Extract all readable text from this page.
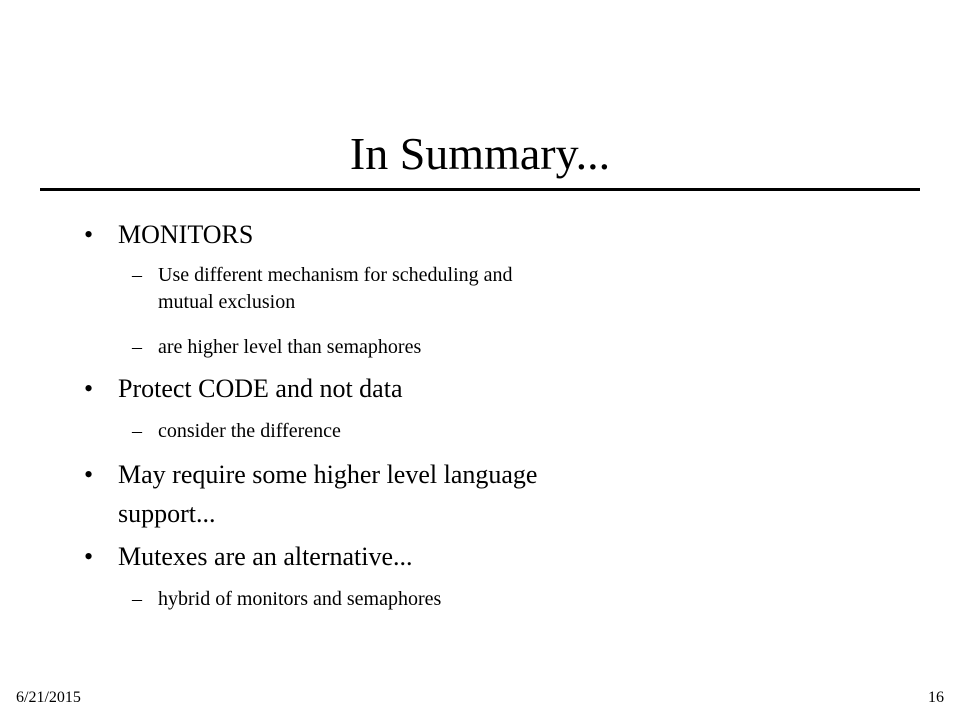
In Summary...
• MONITORS
– Use different mechanism for scheduling and
mutual exclusion
– are higher level than semaphores
• Protect CODE and not data
– consider the difference
• May require some higher level language
support...
• Mutexes are an alternative...
– hybrid of monitors and semaphores
6/21/2015	16
